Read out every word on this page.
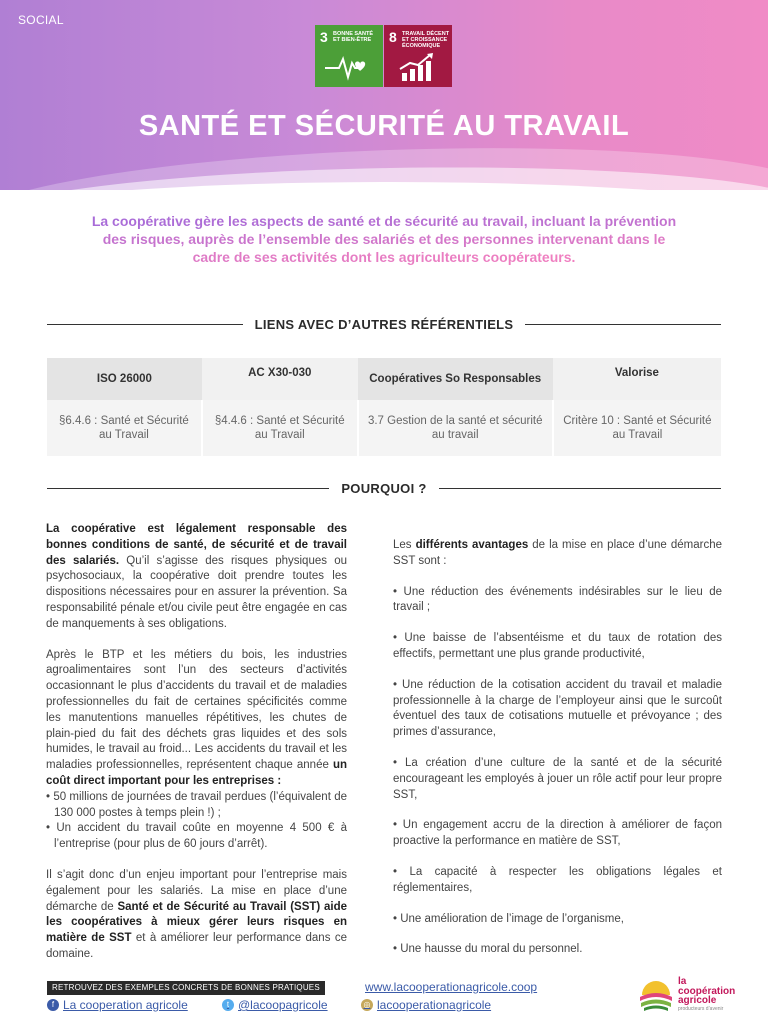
SOCIAL
3 BONNE SANTÉ ET BIEN-ÊTRE	8 TRAVAIL DÉCENT ET CROISSANCE ÉCONOMIQUE
SANTÉ ET SÉCURITÉ AU TRAVAIL
La coopérative gère les aspects de santé et de sécurité au travail, incluant la prévention des risques, auprès de l’ensemble des salariés et des personnes intervenant dans le cadre de ses activités dont les agriculteurs coopérateurs.
LIENS AVEC D’AUTRES RÉFÉRENTIELS
ISO 26000	AC X30-030	Coopératives So Responsables	Valorise
§6.4.6 : Santé et Sécurité au Travail	§4.4.6 : Santé et Sécurité au Travail	3.7 Gestion de la santé et sécurité au travail	Critère 10 : Santé et Sécurité au Travail
POURQUOI ?

La coopérative est légalement responsable des bonnes conditions de santé, de sécurité et de travail des salariés. Qu’il s’agisse des risques physiques ou psychosociaux, la coopérative doit prendre toutes les dispositions nécessaires pour en assurer la prévention. Sa responsabilité pénale et/ou civile peut être engagée en cas de manquements à ses obligations.

Après le BTP et les métiers du bois, les industries agroalimentaires sont l’un des secteurs d’activités occasionnant le plus d’accidents du travail et de maladies professionnelles du fait de certaines spécificités comme les manutentions manuelles répétitives, les chutes de plain-pied du fait des déchets gras liquides et des sols humides, le travail au froid... Les accidents du travail et les maladies professionnelles, représentent chaque année un coût direct important pour les entreprises :

• 50 millions de journées de travail perdues (l’équivalent de 130 000 postes à temps plein !) ;
• Un accident du travail coûte en moyenne 4 500 € à l’entreprise (pour plus de 60 jours d’arrêt).

Il s’agit donc d’un enjeu important pour l’entreprise mais également pour les salariés. La mise en place d’une démarche de Santé et de Sécurité au Travail (SST) aide les coopératives à mieux gérer leurs risques en matière de SST et à améliorer leur performance dans ce domaine.

Les différents avantages de la mise en place d’une démarche SST sont :

• Une réduction des événements indésirables sur le lieu de travail ;
• Une baisse de l’absentéisme et du taux de rotation des effectifs, permettant une plus grande productivité,
• Une réduction de la cotisation accident du travail et maladie professionnelle à la charge de l’employeur ainsi que le surcoût éventuel des taux de cotisations mutuelle et prévoyance ; des primes d’assurance,
• La création d’une culture de la santé et de la sécurité encourageant les employés à jouer un rôle actif pour leur propre SST,
• Un engagement accru de la direction à améliorer de façon proactive la performance en matière de SST,
• La capacité à respecter les obligations légales et réglementaires,
• Une amélioration de l’image de l’organisme,
• Une hausse du moral du personnel.
RETROUVEZ DES EXEMPLES CONCRETS DE BONNES PRATIQUES	www.lacooperationagricole.coop
f La cooperation agricole	t @lacoopagricole	◎ lacooperationagricole
la
coopération
agricole
producteurs d’avenir
